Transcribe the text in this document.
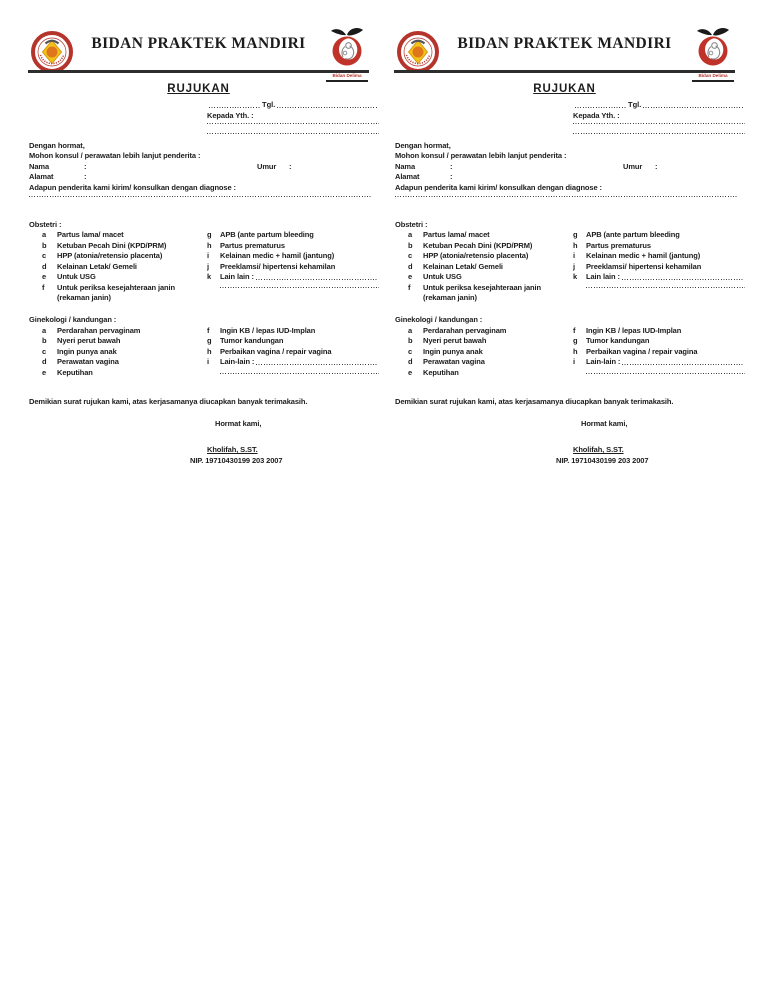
BIDAN PRAKTEK MANDIRI
Bidan Delima
RUJUKAN
Tgl.
Kepada Yth. :
Dengan hormat,
Mohon konsul / perawatan lebih lanjut penderita :
Nama	:	Umur :
Alamat	:
Adapun penderita kami kirim/ konsulkan dengan diagnose :
Obstetri :
a	Partus lama/ macet
b	Ketuban Pecah Dini (KPD/PRM)
c	HPP (atonia/retensio placenta)
d	Kelainan Letak/ Gemeli
e	Untuk USG
f	Untuk periksa kesejahteraan janin
(rekaman janin)
g	APB (ante partum bleeding
h	Partus prematurus
i	Kelainan medic + hamil (jantung)
j	Preeklamsi/ hipertensi kehamilan
k	Lain lain :
Ginekologi / kandungan :
a	Perdarahan pervaginam
b	Nyeri perut bawah
c	Ingin punya anak
d	Perawatan vagina
e	Keputihan
f	Ingin KB / lepas IUD-Implan
g	Tumor kandungan
h	Perbaikan vagina / repair vagina
i	Lain-lain :
Demikian surat rujukan kami, atas kerjasamanya diucapkan banyak terimakasih.
Hormat kami,
Kholifah, S.ST.
NIP. 19710430199 203 2007
BIDAN PRAKTEK MANDIRI
Bidan Delima
RUJUKAN
Tgl.
Kepada Yth. :
Dengan hormat,
Mohon konsul / perawatan lebih lanjut penderita :
Nama	:	Umur :
Alamat	:
Adapun penderita kami kirim/ konsulkan dengan diagnose :
Obstetri :
a	Partus lama/ macet
b	Ketuban Pecah Dini (KPD/PRM)
c	HPP (atonia/retensio placenta)
d	Kelainan Letak/ Gemeli
e	Untuk USG
f	Untuk periksa kesejahteraan janin
(rekaman janin)
g	APB (ante partum bleeding
h	Partus prematurus
i	Kelainan medic + hamil (jantung)
j	Preeklamsi/ hipertensi kehamilan
k	Lain lain :
Ginekologi / kandungan :
a	Perdarahan pervaginam
b	Nyeri perut bawah
c	Ingin punya anak
d	Perawatan vagina
e	Keputihan
f	Ingin KB / lepas IUD-Implan
g	Tumor kandungan
h	Perbaikan vagina / repair vagina
i	Lain-lain :
Demikian surat rujukan kami, atas kerjasamanya diucapkan banyak terimakasih.
Hormat kami,
Kholifah, S.ST.
NIP. 19710430199 203 2007
